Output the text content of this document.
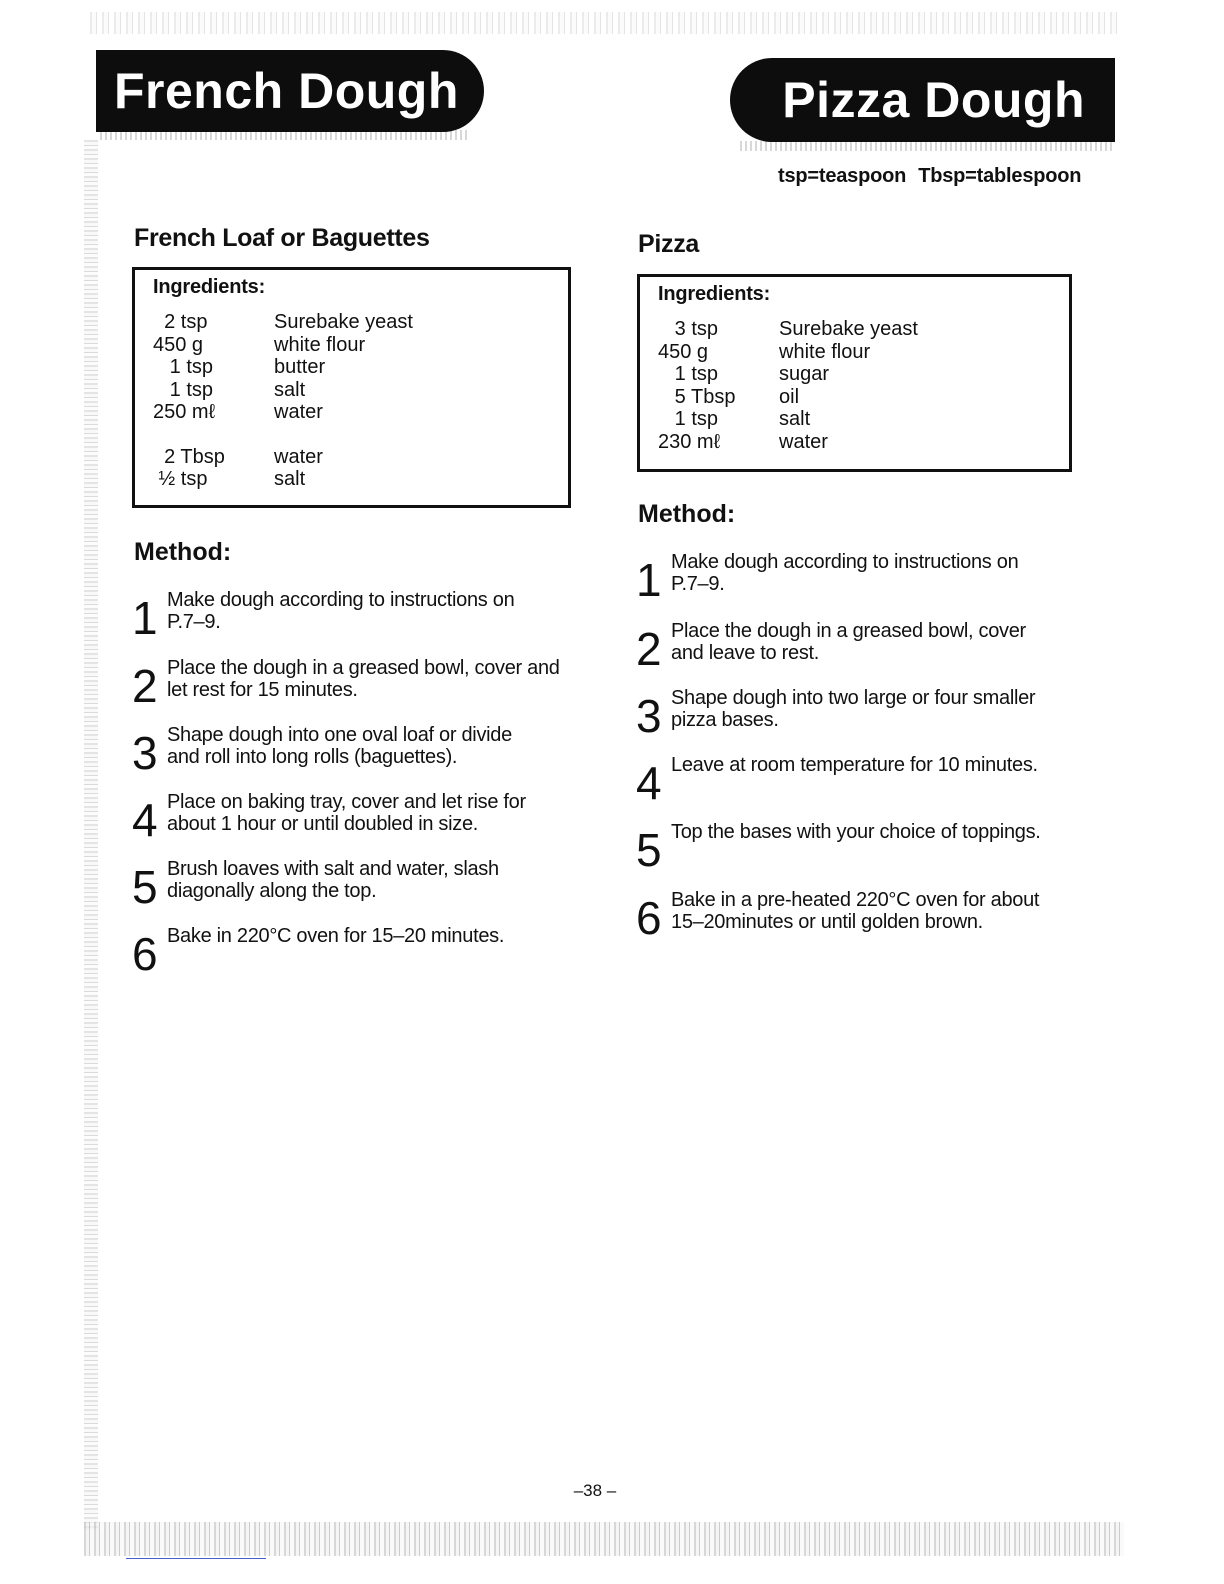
French Dough	Pizza Dough
tsp=teaspoon Tbsp=tablespoon
French Loaf or Baguettes
Ingredients:
2 tsp	Surebake yeast
450 g	white flour
1 tsp	butter
1 tsp	salt
250 mℓ	water
2 Tbsp	water
½ tsp	salt
Method:
1 Make dough according to instructions on P.7–9.
2 Place the dough in a greased bowl, cover and let rest for 15 minutes.
3 Shape dough into one oval loaf or divide and roll into long rolls (baguettes).
4 Place on baking tray, cover and let rise for about 1 hour or until doubled in size.
5 Brush loaves with salt and water, slash diagonally along the top.
6 Bake in 220°C oven for 15–20 minutes.
Pizza
Ingredients:
3 tsp	Surebake yeast
450 g	white flour
1 tsp	sugar
5 Tbsp	oil
1 tsp	salt
230 mℓ	water
Method:
1 Make dough according to instructions on P.7–9.
2 Place the dough in a greased bowl, cover and leave to rest.
3 Shape dough into two large or four smaller pizza bases.
4 Leave at room temperature for 10 minutes.
5 Top the bases with your choice of toppings.
6 Bake in a pre-heated 220°C oven for about 15–20minutes or until golden brown.
–38 –
